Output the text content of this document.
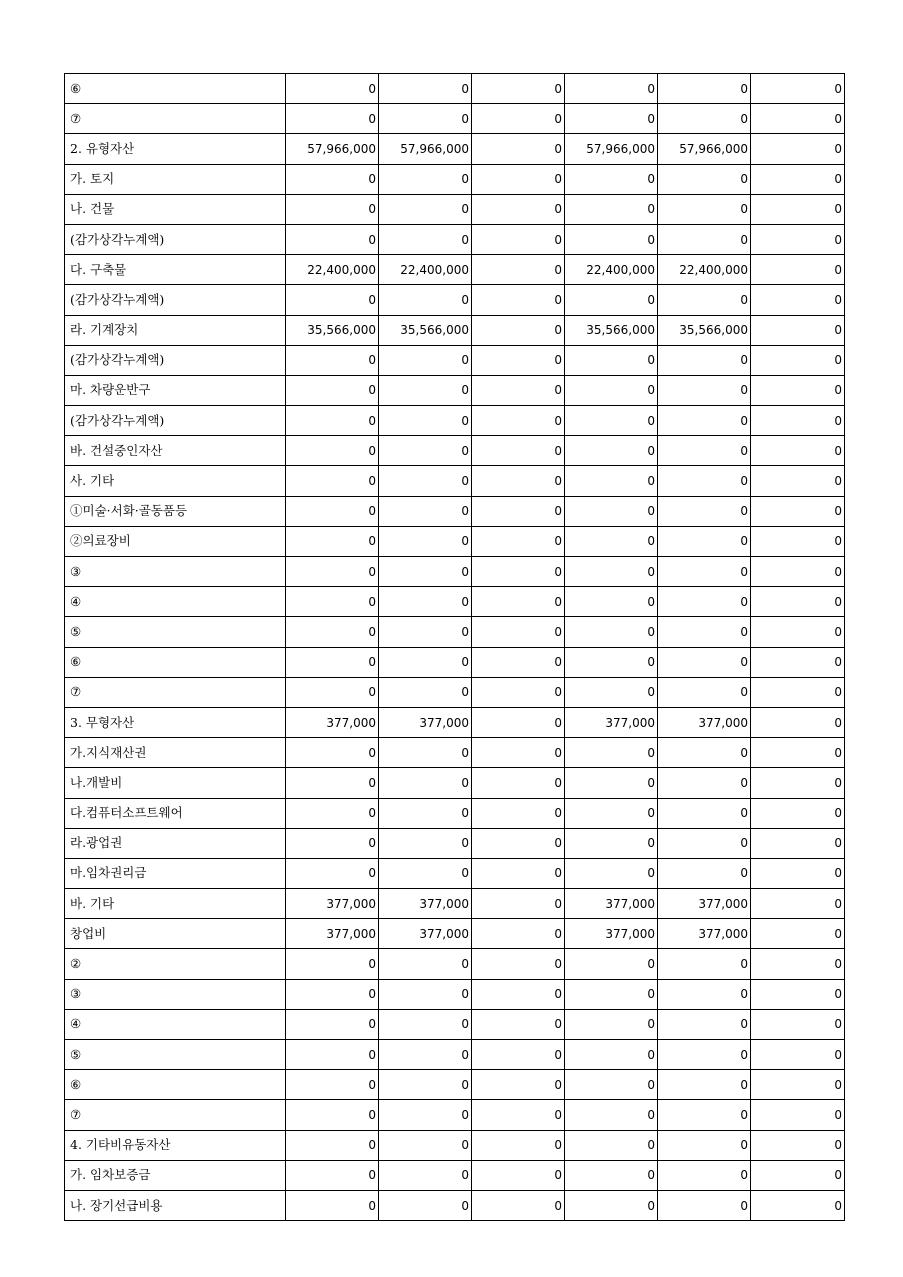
⑥	0	0	0	0	0	0
⑦	0	0	0	0	0	0
2. 유형자산	57,966,000	57,966,000	0	57,966,000	57,966,000	0
가. 토지	0	0	0	0	0	0
나. 건물	0	0	0	0	0	0
(감가상각누계액)	0	0	0	0	0	0
다. 구축물	22,400,000	22,400,000	0	22,400,000	22,400,000	0
(감가상각누계액)	0	0	0	0	0	0
라. 기계장치	35,566,000	35,566,000	0	35,566,000	35,566,000	0
(감가상각누계액)	0	0	0	0	0	0
마. 차량운반구	0	0	0	0	0	0
(감가상각누계액)	0	0	0	0	0	0
바. 건설중인자산	0	0	0	0	0	0
사. 기타	0	0	0	0	0	0
①미술·서화·골동품등	0	0	0	0	0	0
②의료장비	0	0	0	0	0	0
③	0	0	0	0	0	0
④	0	0	0	0	0	0
⑤	0	0	0	0	0	0
⑥	0	0	0	0	0	0
⑦	0	0	0	0	0	0
3. 무형자산	377,000	377,000	0	377,000	377,000	0
가.지식재산권	0	0	0	0	0	0
나.개발비	0	0	0	0	0	0
다.컴퓨터소프트웨어	0	0	0	0	0	0
라.광업권	0	0	0	0	0	0
마.임차권리금	0	0	0	0	0	0
바. 기타	377,000	377,000	0	377,000	377,000	0
창업비	377,000	377,000	0	377,000	377,000	0
②	0	0	0	0	0	0
③	0	0	0	0	0	0
④	0	0	0	0	0	0
⑤	0	0	0	0	0	0
⑥	0	0	0	0	0	0
⑦	0	0	0	0	0	0
4. 기타비유동자산	0	0	0	0	0	0
가. 임차보증금	0	0	0	0	0	0
나. 장기선급비용	0	0	0	0	0	0
